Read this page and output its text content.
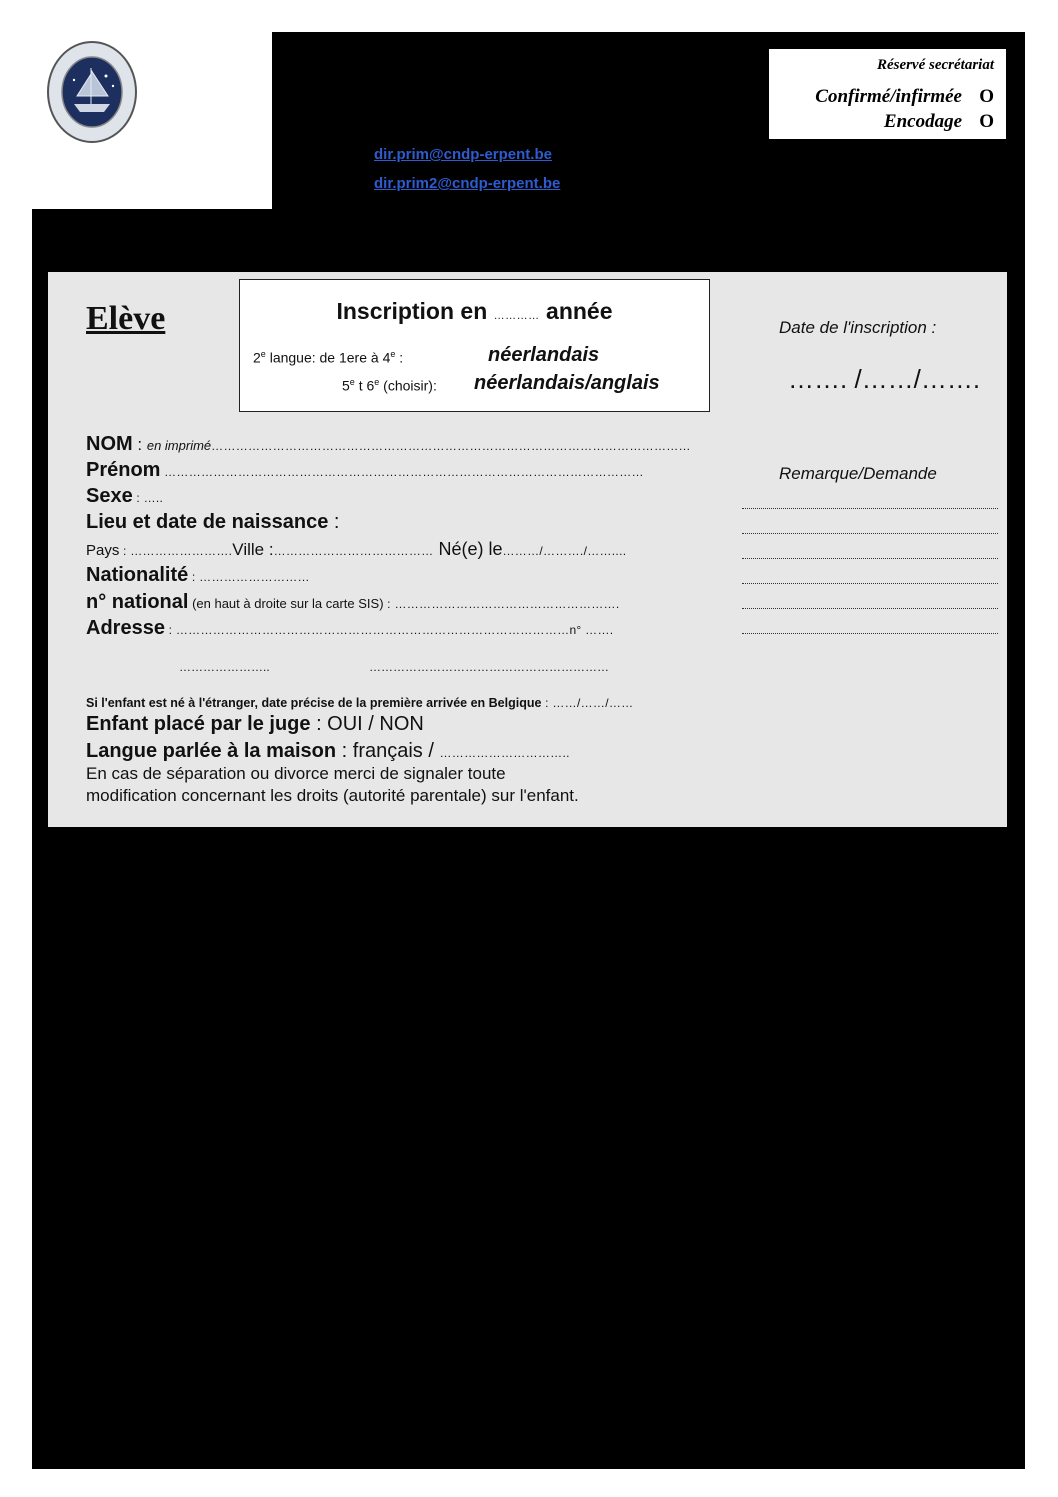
Réservé secrétariat
Confirmé/infirmée O
Encodage O
dir.prim@cndp-erpent.be
dir.prim2@cndp-erpent.be
Elève	Inscription en ………… année
2e langue: de 1ere à 4e :	néerlandais
5e t 6e (choisir): néerlandais/anglais
Date de l'inscription :
……. /……/…….
Remarque/Demande
NOM : en imprimé………………………………………………………………………………………………………
Prénom ………………………………………………………………………………………………………
Sexe : …..
Lieu et date de naissance :
Pays : …………………….Ville :………………………………… Né(e) le………/………./……....
Nationalité : ………………………
n° national (en haut à droite sur la carte SIS) : ……………………………………………….
Adresse : ……………………………………………………………………………………n° …….
…………………..	……………………………………………………
Si l'enfant est né à l'étranger, date précise de la première arrivée en Belgique : ……/……/……
Enfant placé par le juge : OUI / NON
Langue parlée à la maison : français / …………………………..
En cas de séparation ou divorce merci de signaler toute
modification concernant les droits (autorité parentale) sur l'enfant.
